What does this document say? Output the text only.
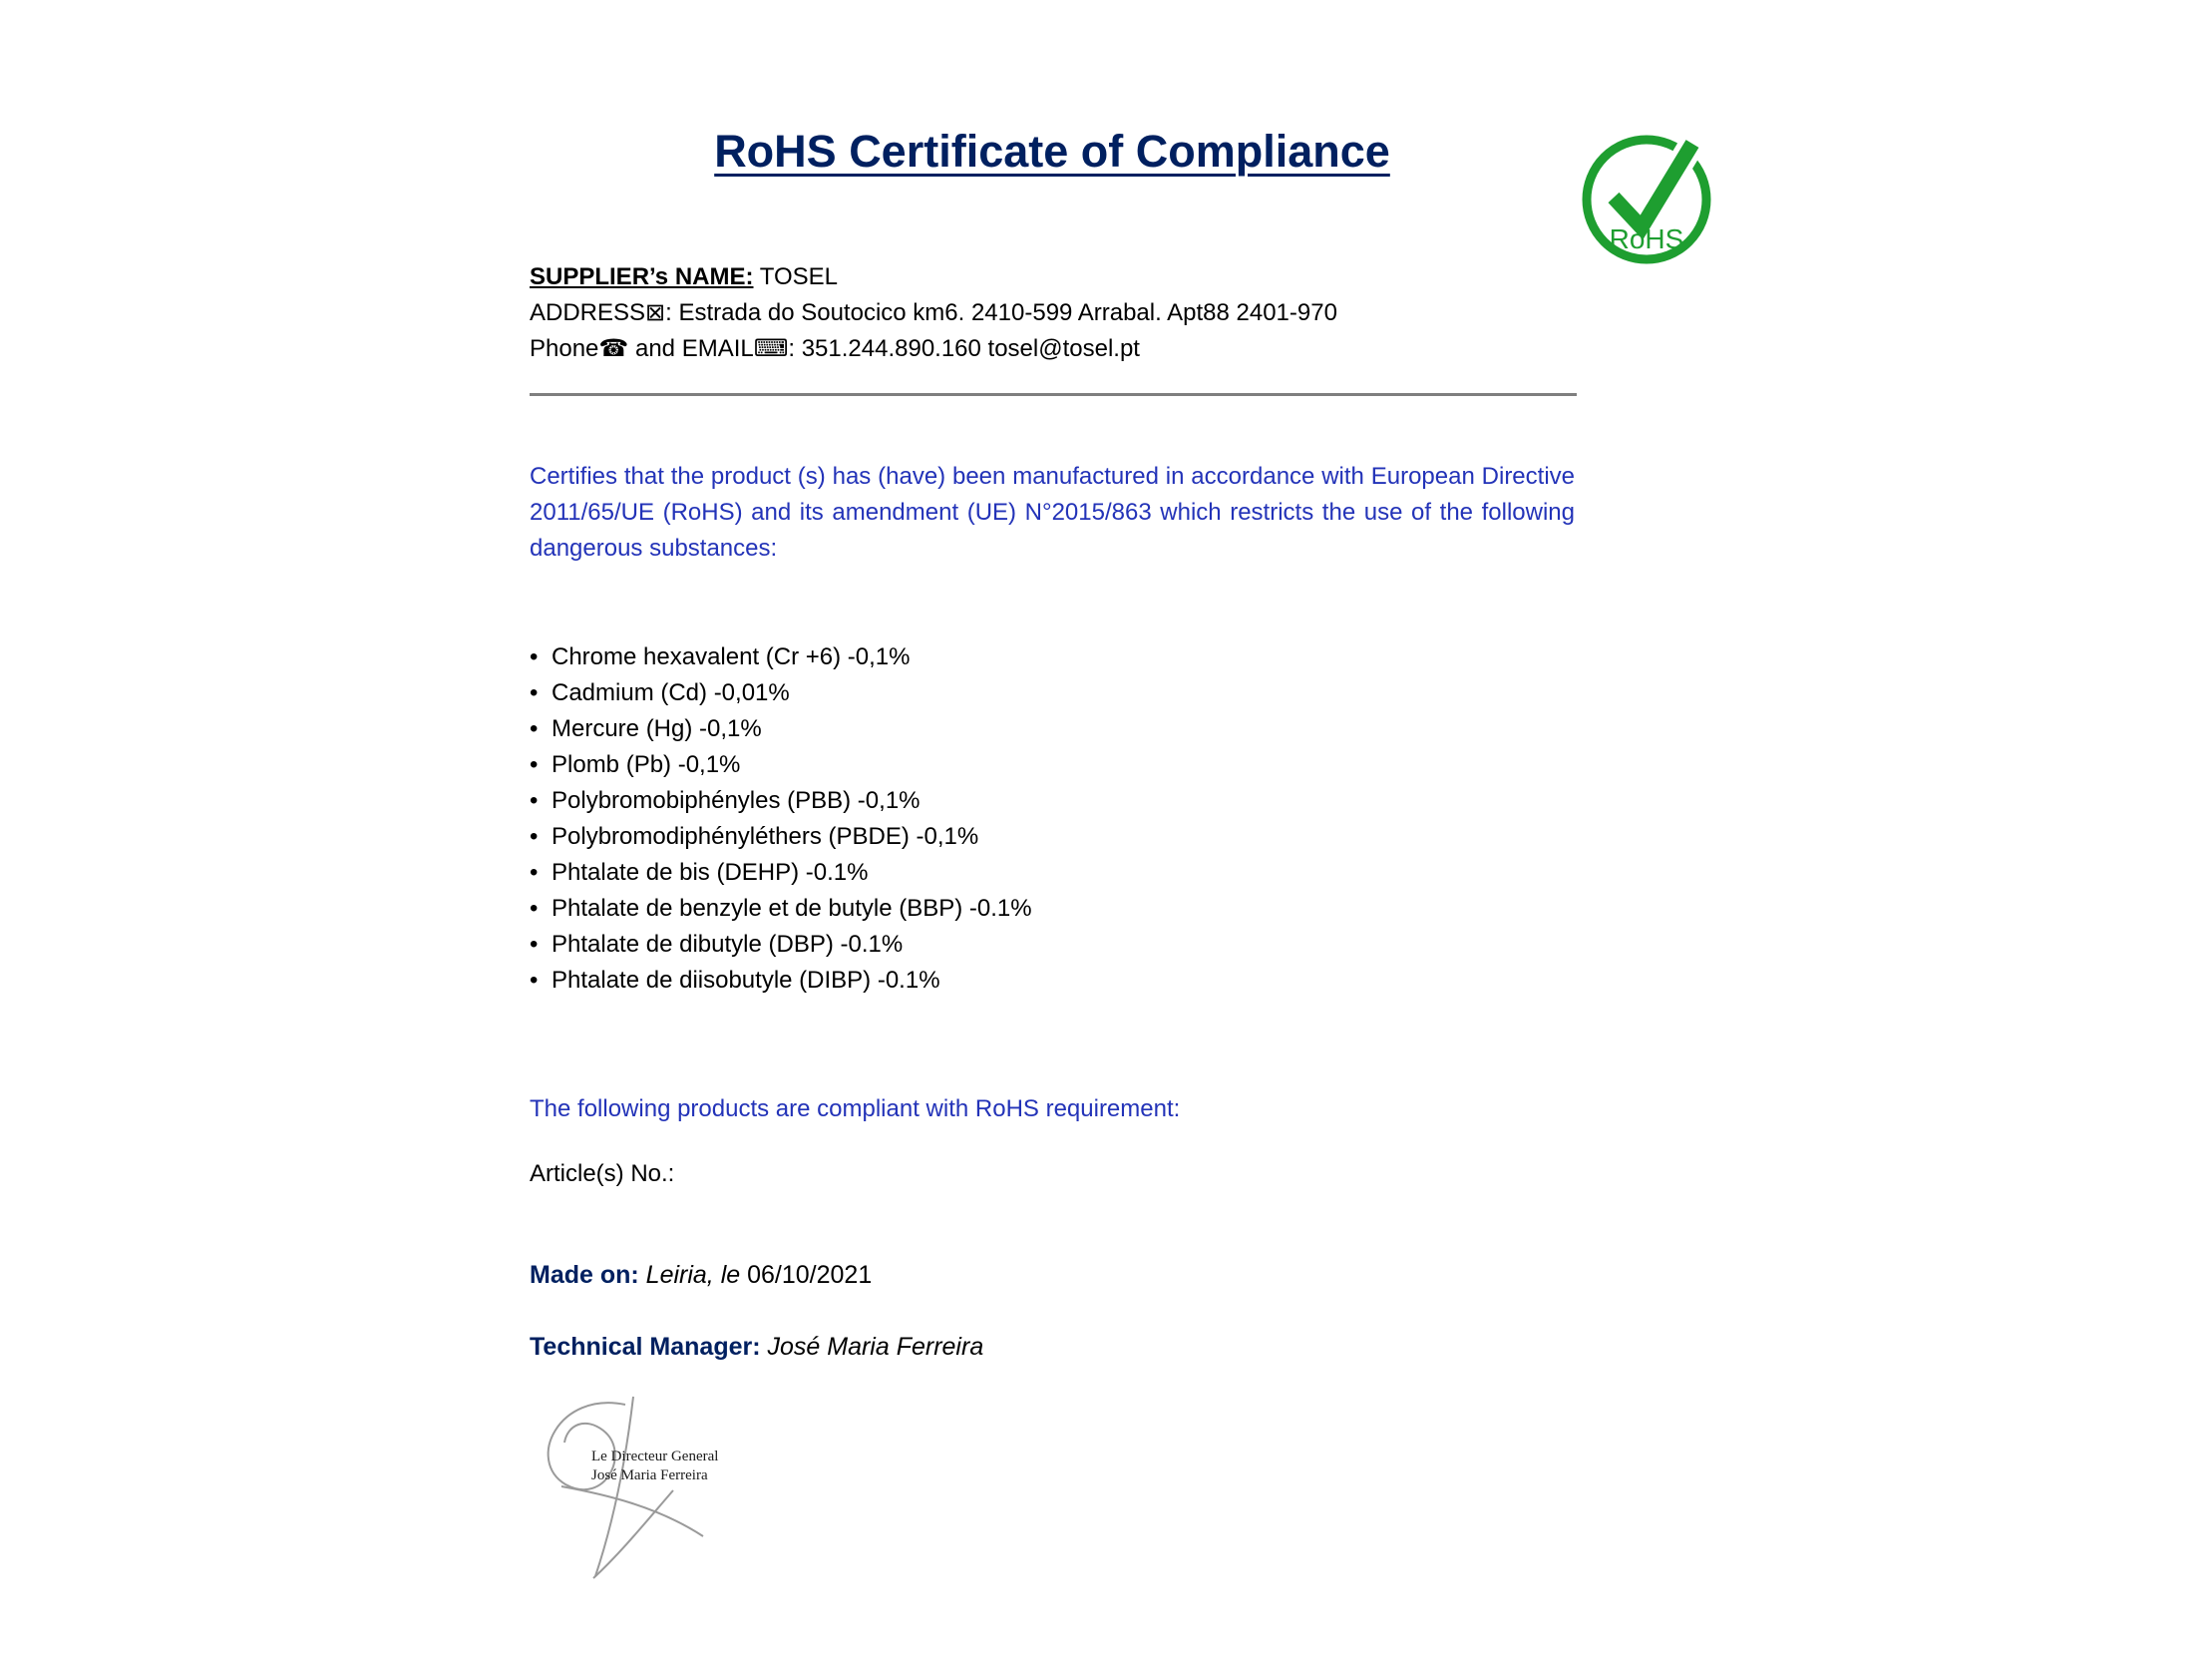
RoHS Certificate of Compliance
RoHS

SUPPLIER’s NAME: TOSEL

ADDRESS⊠: Estrada do Soutocico km6. 2410-599 Arrabal. Apt88 2401-970

Phone☎ and EMAIL⌨: 351.244.890.160 tosel@tosel.pt

Certifies that the product (s) has (have) been manufactured in accordance with European Directive 2011/65/UE (RoHS) and its amendment (UE) N°2015/863 which restricts the use of the following dangerous substances:

• Chrome hexavalent (Cr +6) -0,1%
• Cadmium (Cd) -0,01%
• Mercure (Hg) -0,1%
• Plomb (Pb) -0,1%
• Polybromobiphényles (PBB) -0,1%
• Polybromodiphényléthers (PBDE) -0,1%
• Phtalate de bis (DEHP) -0.1%
• Phtalate de benzyle et de butyle (BBP) -0.1%
• Phtalate de dibutyle (DBP) -0.1%
• Phtalate de diisobutyle (DIBP) -0.1%

The following products are compliant with RoHS requirement:

Article(s) No.:

Made on: Leiria, le 06/10/2021

Technical Manager: José Maria Ferreira

Le Directeur General
José Maria Ferreira
